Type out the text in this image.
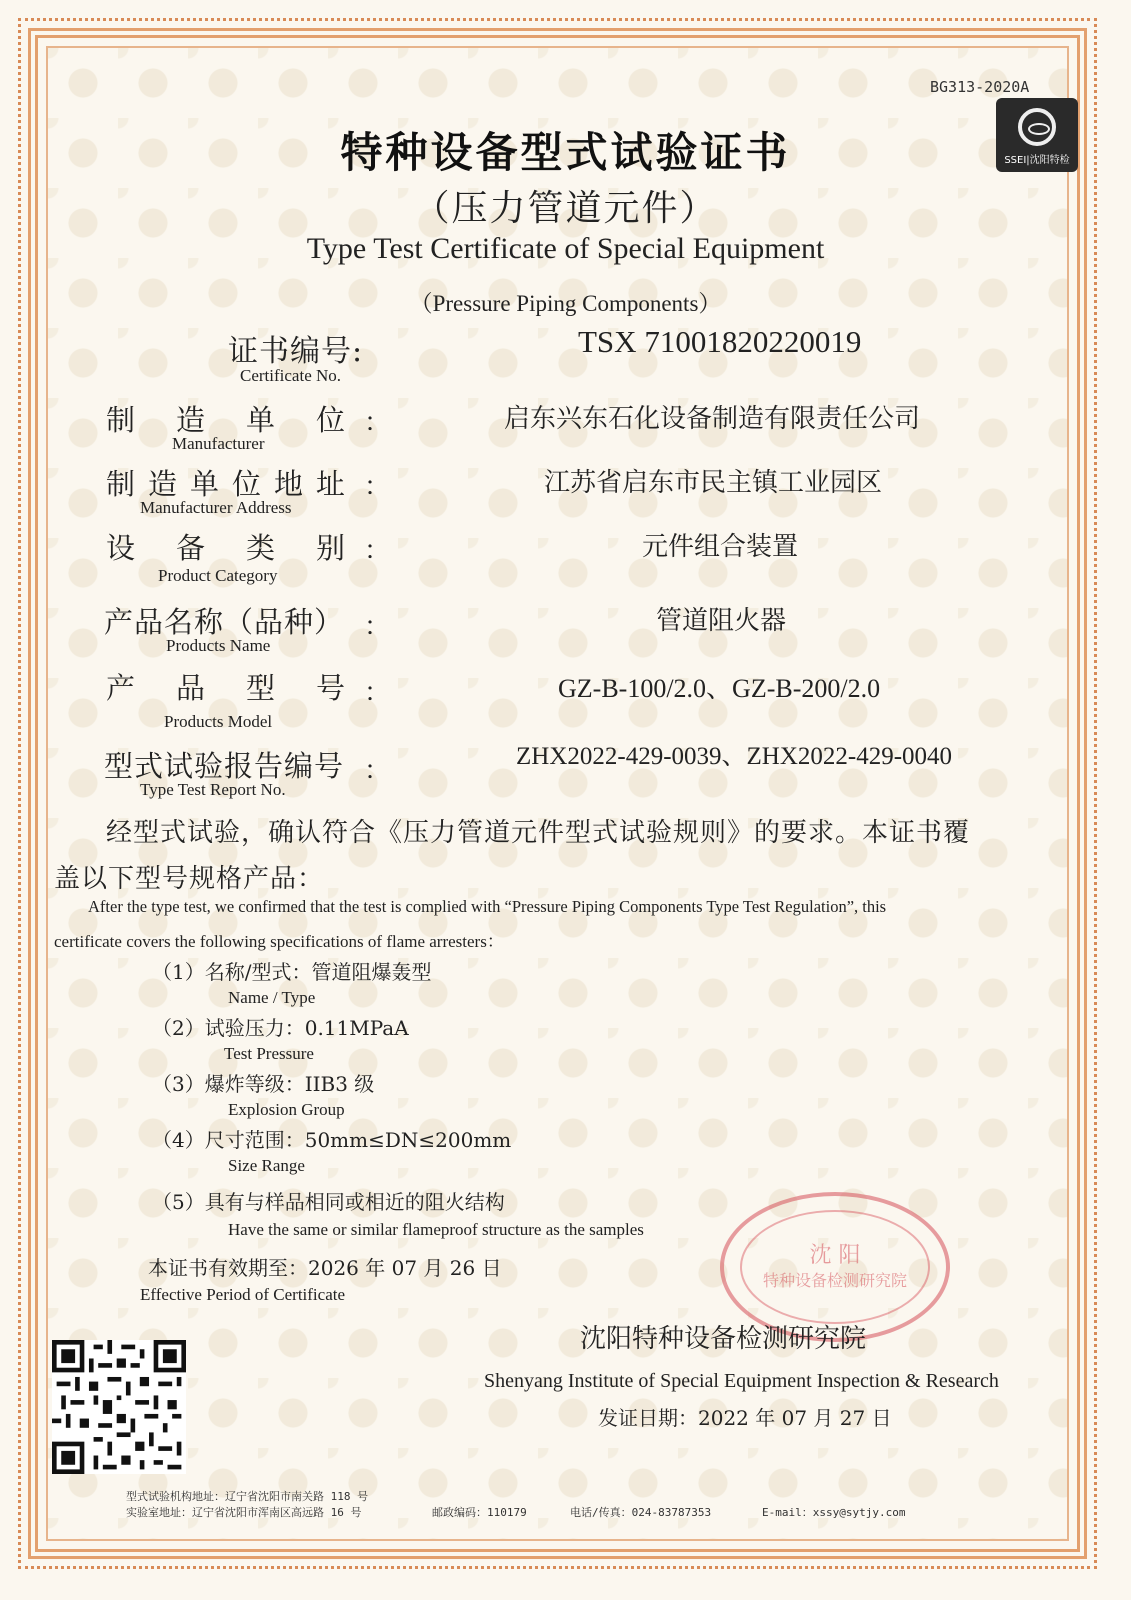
BG313-2020A
SSEI|沈阳特检
特种设备型式试验证书
（压力管道元件）
Type Test Certificate of Special Equipment
（Pressure Piping Components）
证书编号:
Certificate No.
TSX 71001820220019
制 造 单 位 ：
Manufacturer
启东兴东石化设备制造有限责任公司
制 造 单 位 地 址 ：
Manufacturer Address
江苏省启东市民主镇工业园区
设 备 类 别 ：
Product Category
元件组合装置
产品名称（品种） ：
Products Name
管道阻火器
产 品 型 号 ：
Products Model
GZ-B-100/2.0、GZ-B-200/2.0
型式试验报告编号 ：
Type Test Report No.
ZHX2022-429-0039、ZHX2022-429-0040
经型式试验，确认符合《压力管道元件型式试验规则》的要求。本证书覆
盖以下型号规格产品：
After the type test, we confirmed that the test is complied with “Pressure Piping Components Type Test Regulation”, this
certificate covers the following specifications of flame arresters：
（1）名称/型式：管道阻爆轰型
Name / Type
（2）试验压力：0.11MPaA
Test Pressure
（3）爆炸等级：IIB3 级
Explosion Group
（4）尺寸范围：50mm≤DN≤200mm
Size Range
（5）具有与样品相同或相近的阻火结构
Have the same or similar flameproof structure as the samples
本证书有效期至：2026 年 07 月 26 日
Effective Period of Certificate
沈 阳
特种设备检测研究院
沈阳特种设备检测研究院
Shenyang Institute of Special Equipment Inspection & Research
发证日期：2022 年 07 月 27 日
型式试验机构地址：辽宁省沈阳市南关路 118 号
实验室地址：辽宁省沈阳市浑南区高远路 16 号	邮政编码：110179	电话/传真：024-83787353	E-mail：xssy@sytjy.com
